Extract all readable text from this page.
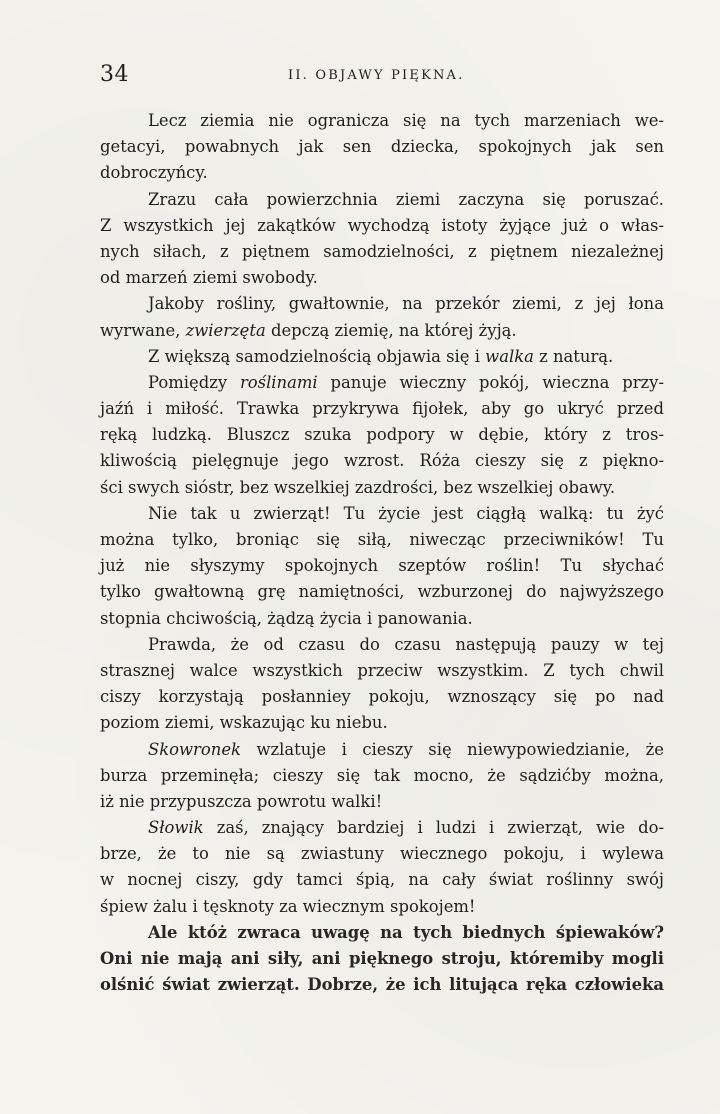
34	II. OBJAWY PIĘKNA.
Lecz ziemia nie ogranicza się na tych marzeniach we-
getacyi, powabnych jak sen dziecka, spokojnych jak sen
dobroczyńcy.
Zrazu cała powierzchnia ziemi zaczyna się poruszać.
Z wszystkich jej zakątków wychodzą istoty żyjące już o włas-
nych siłach, z piętnem samodzielności, z piętnem niezależnej
od marzeń ziemi swobody.
Jakoby rośliny, gwałtownie, na przekór ziemi, z jej łona
wyrwane, zwierzęta depczą ziemię, na której żyją.
Z większą samodzielnością objawia się i walka z naturą.
Pomiędzy roślinami panuje wieczny pokój, wieczna przy-
jaźń i miłość. Trawka przykrywa fijołek, aby go ukryć przed
ręką ludzką. Bluszcz szuka podpory w dębie, który z tros-
kliwością pielęgnuje jego wzrost. Róża cieszy się z piękno-
ści swych sióstr, bez wszelkiej zazdrości, bez wszelkiej obawy.
Nie tak u zwierząt! Tu życie jest ciągłą walką: tu żyć
można tylko, broniąc się siłą, niwecząc przeciwników! Tu
już nie słyszymy spokojnych szeptów roślin! Tu słychać
tylko gwałtowną grę namiętności, wzburzonej do najwyższego
stopnia chciwością, żądzą życia i panowania.
Prawda, że od czasu do czasu następują pauzy w tej
strasznej walce wszystkich przeciw wszystkim. Z tych chwil
ciszy korzystają posłanniey pokoju, wznoszący się po nad
poziom ziemi, wskazując ku niebu.
Skowronek wzlatuje i cieszy się niewypowiedzianie, że
burza przeminęła; cieszy się tak mocno, że sądzićby można,
iż nie przypuszcza powrotu walki!
Słowik zaś, znający bardziej i ludzi i zwierząt, wie do-
brze, że to nie są zwiastuny wiecznego pokoju, i wylewa
w nocnej ciszy, gdy tamci śpią, na cały świat roślinny swój
śpiew żalu i tęsknoty za wiecznym spokojem!
Ale któż zwraca uwagę na tych biednych śpiewaków?
Oni nie mają ani siły, ani pięknego stroju, któremiby mogli
olśnić świat zwierząt. Dobrze, że ich litująca ręka człowieka
